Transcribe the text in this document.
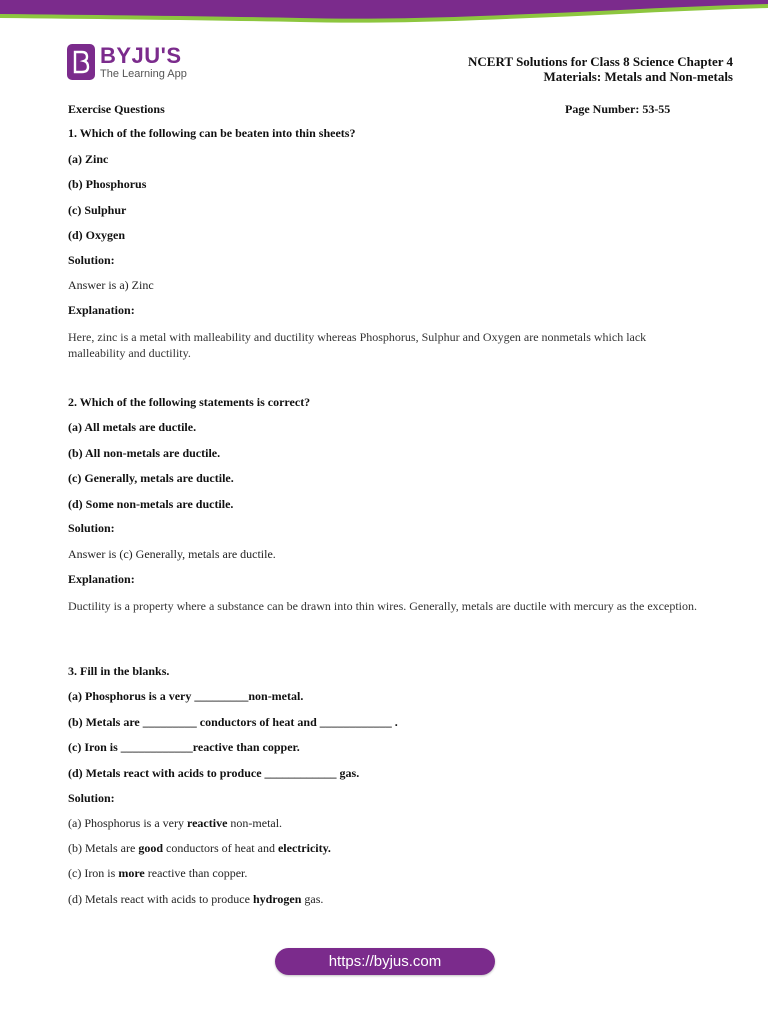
BYJU'S
The Learning App
NCERT Solutions for Class 8 Science Chapter 4
Materials: Metals and Non-metals
Exercise Questions	Page Number: 53-55
1. Which of the following can be beaten into thin sheets?
(a) Zinc
(b) Phosphorus
(c) Sulphur
(d) Oxygen
Solution:
Answer is a) Zinc
Explanation:
Here, zinc is a metal with malleability and ductility whereas Phosphorus, Sulphur and Oxygen are nonmetals which lack malleability and ductility.
2. Which of the following statements is correct?
(a) All metals are ductile.
(b) All non-metals are ductile.
(c) Generally, metals are ductile.
(d) Some non-metals are ductile.
Solution:
Answer is (c) Generally, metals are ductile.
Explanation:
Ductility is a property where a substance can be drawn into thin wires. Generally, metals are ductile with mercury as the exception.
3. Fill in the blanks.
(a) Phosphorus is a very _________non-metal.
(b) Metals are _________ conductors of heat and ____________ .
(c) Iron is ____________reactive than copper.
(d) Metals react with acids to produce ____________ gas.
Solution:
(a) Phosphorus is a very reactive non-metal.
(b) Metals are good conductors of heat and electricity.
(c) Iron is more reactive than copper.
(d) Metals react with acids to produce hydrogen gas.
https://byjus.com
